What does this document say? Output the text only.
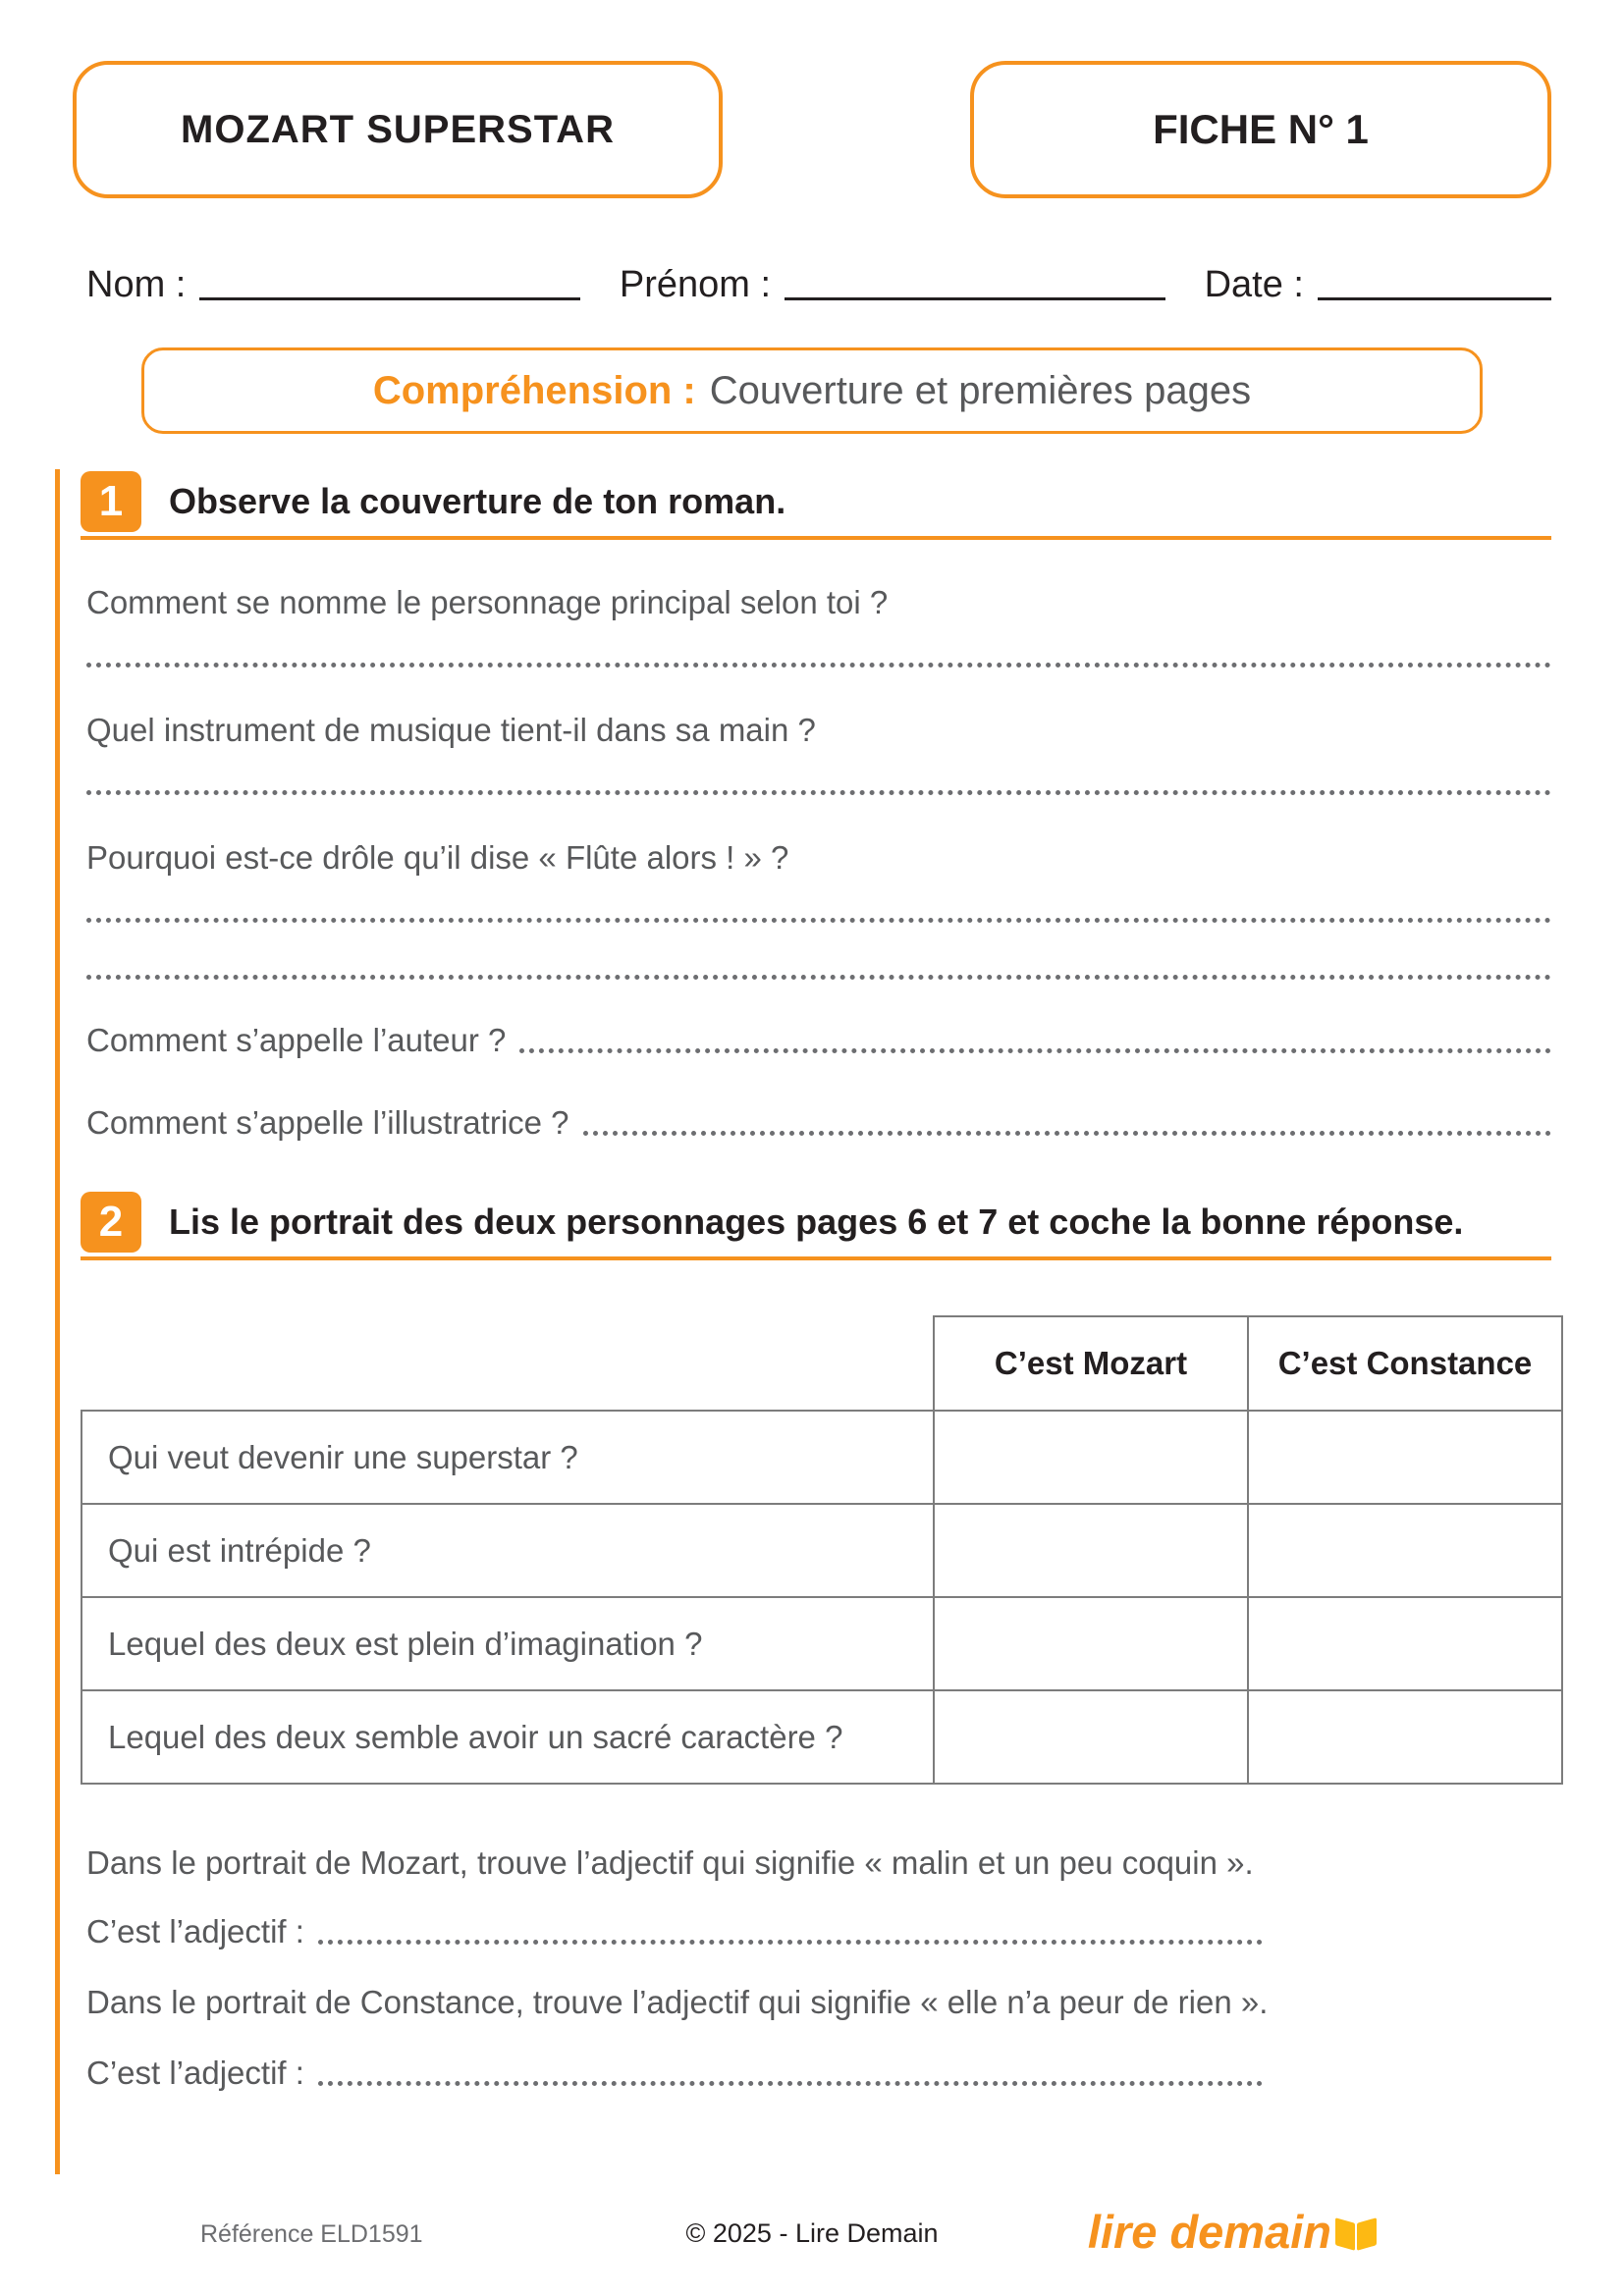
MOZART SUPERSTAR	FICHE N° 1
Nom :	Prénom :	Date :
Compréhension : Couverture et premières pages
1	Observe la couverture de ton roman.
Comment se nomme le personnage principal selon toi ?
Quel instrument de musique tient-il dans sa main ?
Pourquoi est-ce drôle qu’il dise « Flûte alors ! » ?
Comment s’appelle l’auteur ?
Comment s’appelle l’illustratrice ?
2	Lis le portrait des deux personnages pages 6 et 7 et coche la bonne réponse.
	C’est Mozart	C’est Constance
Qui veut devenir une superstar ?		
Qui est intrépide ?		
Lequel des deux est plein d’imagination ?		
Lequel des deux semble avoir un sacré caractère ?		
Dans le portrait de Mozart, trouve l’adjectif qui signifie « malin et un peu coquin ».
C’est l’adjectif :
Dans le portrait de Constance, trouve l’adjectif qui signifie « elle n’a peur de rien ».
C’est l’adjectif :
Référence ELD1591	© 2025 - Lire Demain	lire demain
